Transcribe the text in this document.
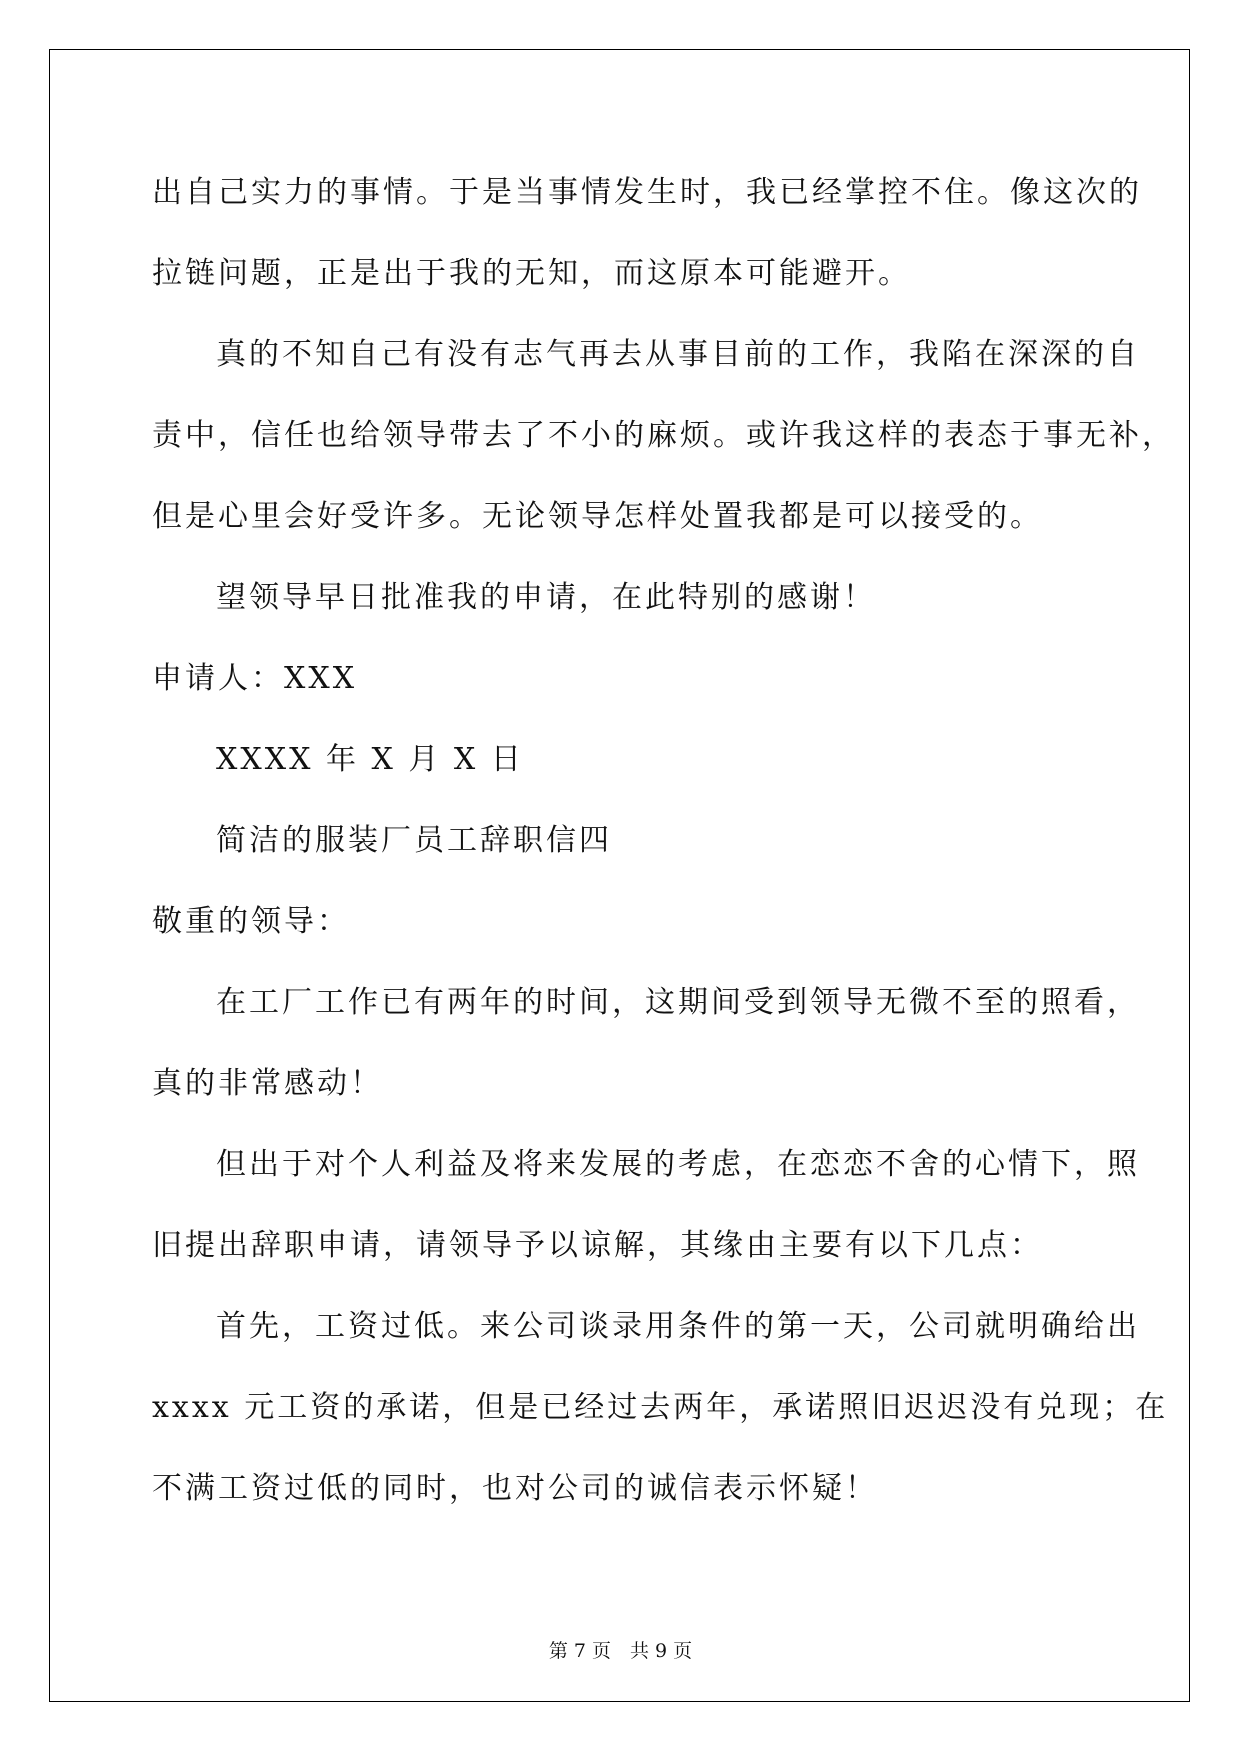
出自己实力的事情。于是当事情发生时，我已经掌控不住。像这次的
拉链问题，正是出于我的无知，而这原本可能避开。
真的不知自己有没有志气再去从事目前的工作，我陷在深深的自
责中，信任也给领导带去了不小的麻烦。或许我这样的表态于事无补，
但是心里会好受许多。无论领导怎样处置我都是可以接受的。
望领导早日批准我的申请，在此特别的感谢！
申请人：XXX
XXXX 年 X 月 X 日
简洁的服装厂员工辞职信四
敬重的领导：
在工厂工作已有两年的时间，这期间受到领导无微不至的照看，
真的非常感动！
但出于对个人利益及将来发展的考虑，在恋恋不舍的心情下，照
旧提出辞职申请，请领导予以谅解，其缘由主要有以下几点：
首先，工资过低。来公司谈录用条件的第一天，公司就明确给出
xxxx 元工资的承诺，但是已经过去两年，承诺照旧迟迟没有兑现；在
不满工资过低的同时，也对公司的诚信表示怀疑！
第 7 页　共 9 页
